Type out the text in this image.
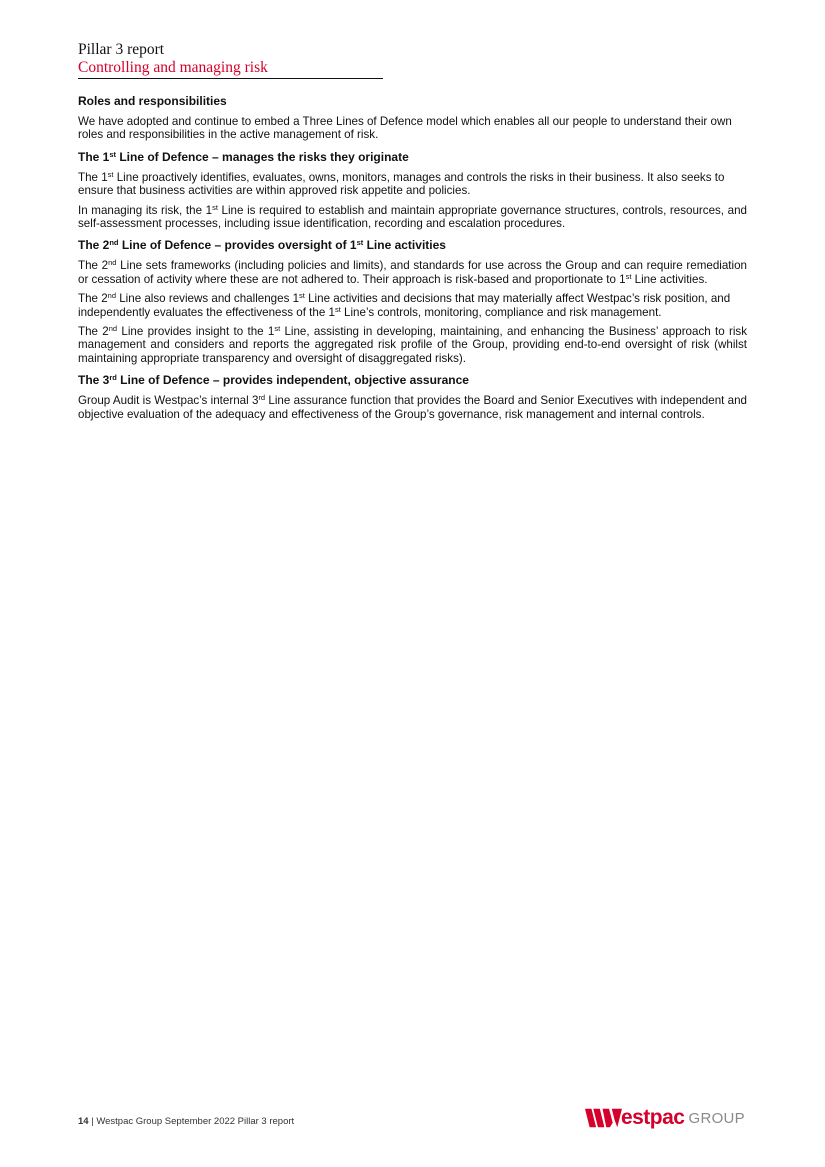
Pillar 3 report
Controlling and managing risk
Roles and responsibilities

We have adopted and continue to embed a Three Lines of Defence model which enables all our people to understand their own roles and responsibilities in the active management of risk.

The 1st Line of Defence – manages the risks they originate

The 1st Line proactively identifies, evaluates, owns, monitors, manages and controls the risks in their business. It also seeks to ensure that business activities are within approved risk appetite and policies.

In managing its risk, the 1st Line is required to establish and maintain appropriate governance structures, controls, resources, and self-assessment processes, including issue identification, recording and escalation procedures.

The 2nd Line of Defence – provides oversight of 1st Line activities

The 2nd Line sets frameworks (including policies and limits), and standards for use across the Group and can require remediation or cessation of activity where these are not adhered to. Their approach is risk-based and proportionate to 1st Line activities.

The 2nd Line also reviews and challenges 1st Line activities and decisions that may materially affect Westpac’s risk position, and independently evaluates the effectiveness of the 1st Line’s controls, monitoring, compliance and risk management.

The 2nd Line provides insight to the 1st Line, assisting in developing, maintaining, and enhancing the Business’ approach to risk management and considers and reports the aggregated risk profile of the Group, providing end-to-end oversight of risk (whilst maintaining appropriate transparency and oversight of disaggregated risks).

The 3rd Line of Defence – provides independent, objective assurance

Group Audit is Westpac’s internal 3rd Line assurance function that provides the Board and Senior Executives with independent and objective evaluation of the adequacy and effectiveness of the Group’s governance, risk management and internal controls.

14 | Westpac Group September 2022 Pillar 3 report	estpac GROUP
